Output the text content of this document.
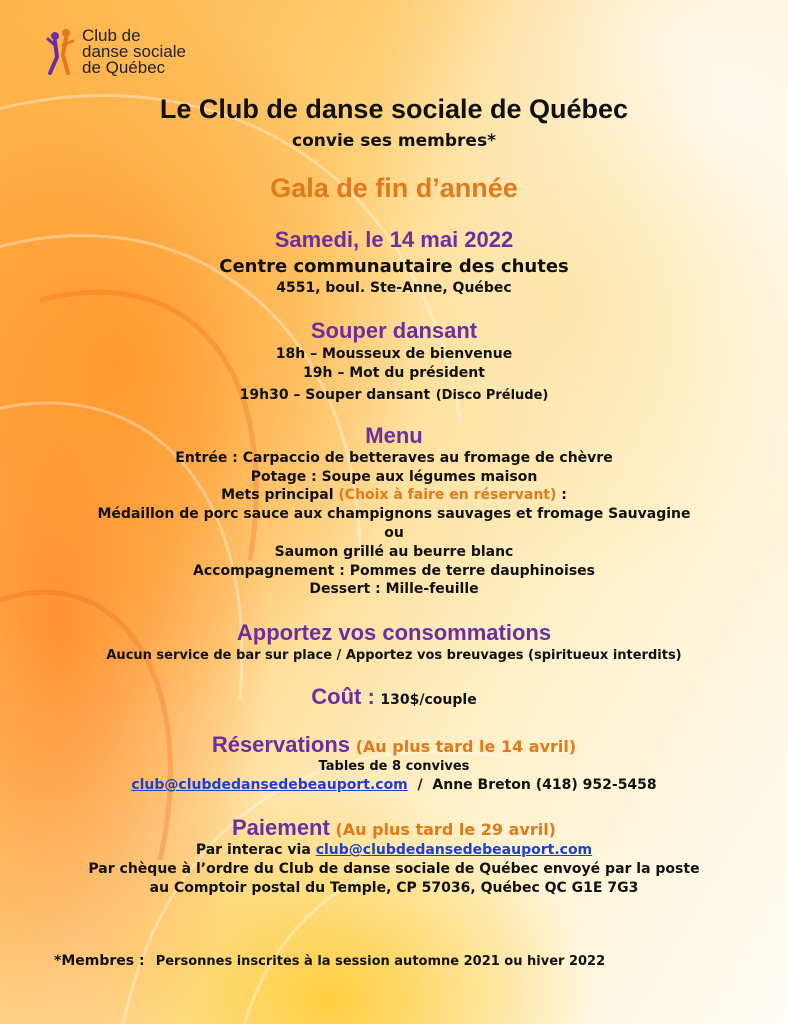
Club de
danse sociale
de Québec
Le Club de danse sociale de Québec
convie ses membres*
Gala de fin d’année
Samedi, le 14 mai 2022
Centre communautaire des chutes
4551, boul. Ste-Anne, Québec
Souper dansant
18h – Mousseux de bienvenue
19h – Mot du président
19h30 – Souper dansant (Disco Prélude)
Menu
Entrée : Carpaccio de betteraves au fromage de chèvre
Potage : Soupe aux légumes maison
Mets principal (Choix à faire en réservant) :
Médaillon de porc sauce aux champignons sauvages et fromage Sauvagine
ou
Saumon grillé au beurre blanc
Accompagnement : Pommes de terre dauphinoises
Dessert : Mille-feuille
Apportez vos consommations
Aucun service de bar sur place / Apportez vos breuvages (spiritueux interdits)
Coût : 130$/couple
Réservations (Au plus tard le 14 avril)
Tables de 8 convives
club@clubdedansedebeauport.com / Anne Breton (418) 952-5458
Paiement (Au plus tard le 29 avril)
Par interac via club@clubdedansedebeauport.com
Par chèque à l’ordre du Club de danse sociale de Québec envoyé par la poste
au Comptoir postal du Temple, CP 57036, Québec QC G1E 7G3
*Membres : Personnes inscrites à la session automne 2021 ou hiver 2022
